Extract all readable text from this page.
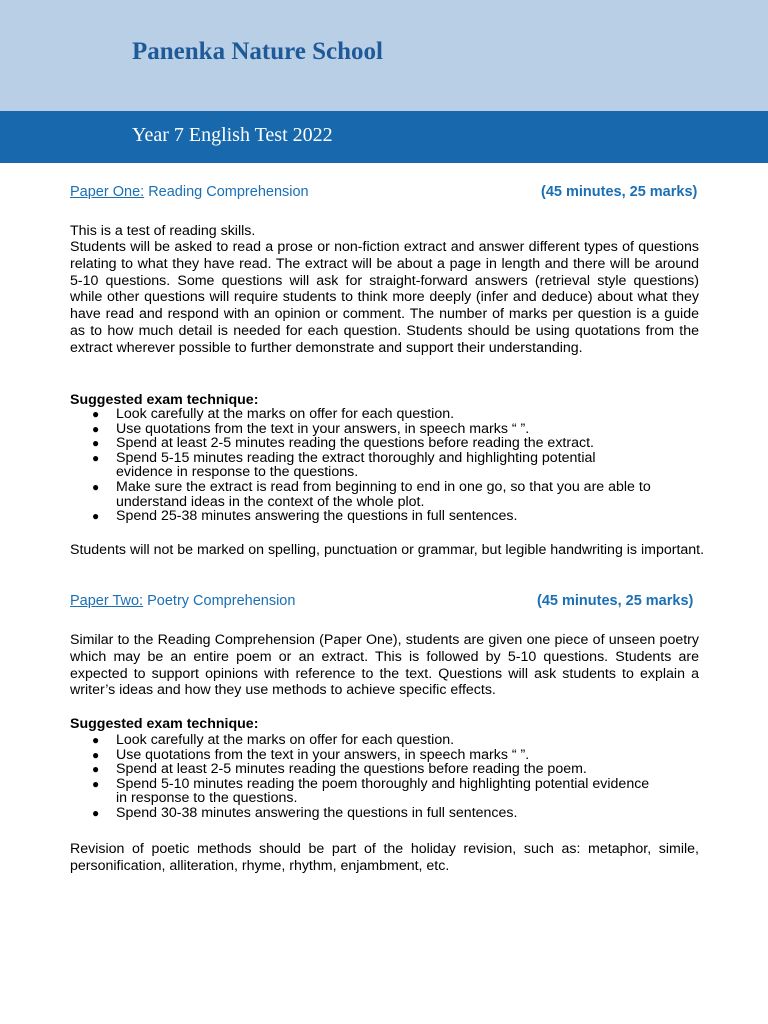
Panenka Nature School
Year 7 English Test 2022
Paper One: Reading Comprehension	(45 minutes, 25 marks)
This is a test of reading skills.
Students will be asked to read a prose or non-fiction extract and answer different types of questions relating to what they have read. The extract will be about a page in length and there will be around 5-10 questions. Some questions will ask for straight-forward answers (retrieval style questions) while other questions will require students to think more deeply (infer and deduce) about what they have read and respond with an opinion or comment. The number of marks per question is a guide as to how much detail is needed for each question. Students should be using quotations from the extract wherever possible to further demonstrate and support their understanding.
Suggested exam technique:
● Look carefully at the marks on offer for each question.
● Use quotations from the text in your answers, in speech marks “ ”.
● Spend at least 2-5 minutes reading the questions before reading the extract.
● Spend 5-15 minutes reading the extract thoroughly and highlighting potential evidence in response to the questions.
● Make sure the extract is read from beginning to end in one go, so that you are able to understand ideas in the context of the whole plot.
● Spend 25-38 minutes answering the questions in full sentences.
Students will not be marked on spelling, punctuation or grammar, but legible handwriting is important.
Paper Two: Poetry Comprehension	(45 minutes, 25 marks)
Similar to the Reading Comprehension (Paper One), students are given one piece of unseen poetry which may be an entire poem or an extract. This is followed by 5-10 questions. Students are expected to support opinions with reference to the text. Questions will ask students to explain a writer’s ideas and how they use methods to achieve specific effects.
Suggested exam technique:
● Look carefully at the marks on offer for each question.
● Use quotations from the text in your answers, in speech marks “ ”.
● Spend at least 2-5 minutes reading the questions before reading the poem.
● Spend 5-10 minutes reading the poem thoroughly and highlighting potential evidence in response to the questions.
● Spend 30-38 minutes answering the questions in full sentences.
Revision of poetic methods should be part of the holiday revision, such as: metaphor, simile, personification, alliteration, rhyme, rhythm, enjambment, etc.
